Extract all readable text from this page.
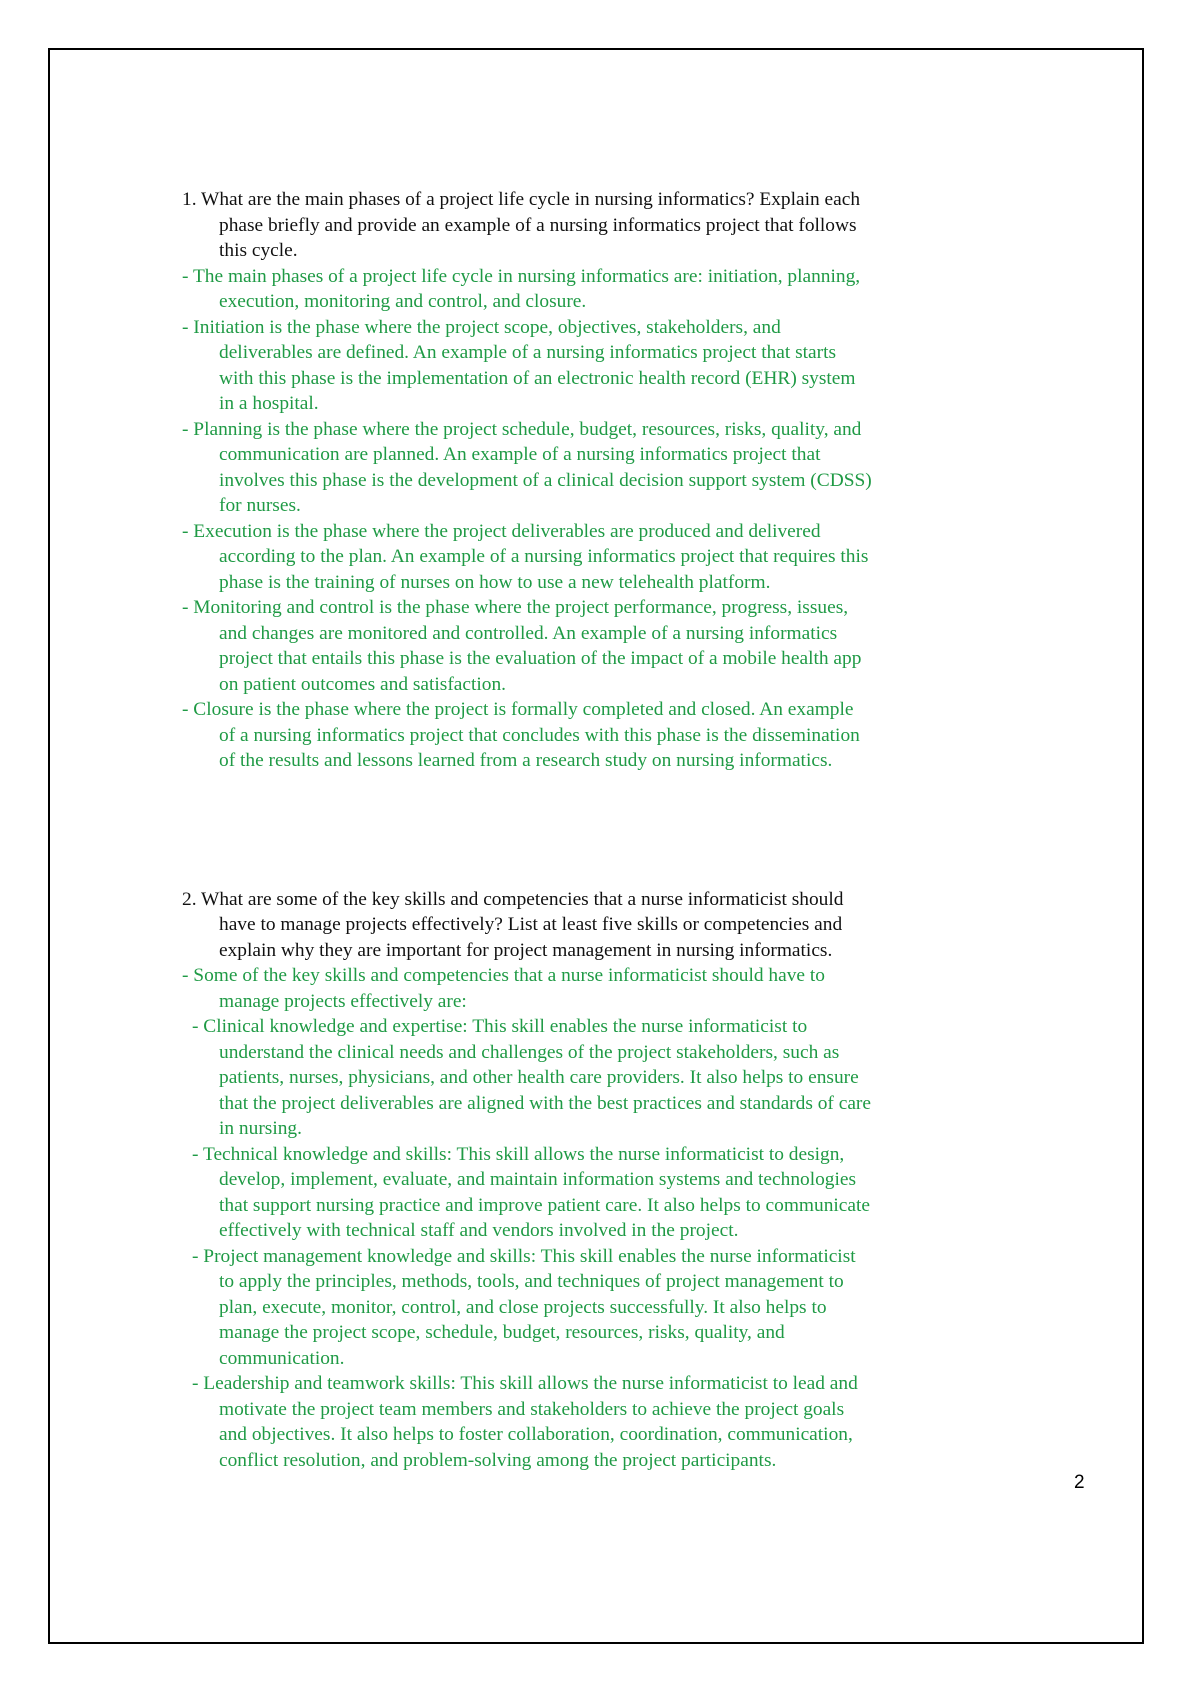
1. What are the main phases of a project life cycle in nursing informatics? Explain each

phase briefly and provide an example of a nursing informatics project that follows

this cycle.

- The main phases of a project life cycle in nursing informatics are: initiation, planning,

execution, monitoring and control, and closure.

- Initiation is the phase where the project scope, objectives, stakeholders, and

deliverables are defined. An example of a nursing informatics project that starts

with this phase is the implementation of an electronic health record (EHR) system

in a hospital.

- Planning is the phase where the project schedule, budget, resources, risks, quality, and

communication are planned. An example of a nursing informatics project that

involves this phase is the development of a clinical decision support system (CDSS)

for nurses.

- Execution is the phase where the project deliverables are produced and delivered

according to the plan. An example of a nursing informatics project that requires this

phase is the training of nurses on how to use a new telehealth platform.

- Monitoring and control is the phase where the project performance, progress, issues,

and changes are monitored and controlled. An example of a nursing informatics

project that entails this phase is the evaluation of the impact of a mobile health app

on patient outcomes and satisfaction.

- Closure is the phase where the project is formally completed and closed. An example

of a nursing informatics project that concludes with this phase is the dissemination

of the results and lessons learned from a research study on nursing informatics.

2. What are some of the key skills and competencies that a nurse informaticist should

have to manage projects effectively? List at least five skills or competencies and

explain why they are important for project management in nursing informatics.

- Some of the key skills and competencies that a nurse informaticist should have to

manage projects effectively are:

- Clinical knowledge and expertise: This skill enables the nurse informaticist to

understand the clinical needs and challenges of the project stakeholders, such as

patients, nurses, physicians, and other health care providers. It also helps to ensure

that the project deliverables are aligned with the best practices and standards of care

in nursing.

- Technical knowledge and skills: This skill allows the nurse informaticist to design,

develop, implement, evaluate, and maintain information systems and technologies

that support nursing practice and improve patient care. It also helps to communicate

effectively with technical staff and vendors involved in the project.

- Project management knowledge and skills: This skill enables the nurse informaticist

to apply the principles, methods, tools, and techniques of project management to

plan, execute, monitor, control, and close projects successfully. It also helps to

manage the project scope, schedule, budget, resources, risks, quality, and

communication.

- Leadership and teamwork skills: This skill allows the nurse informaticist to lead and

motivate the project team members and stakeholders to achieve the project goals

and objectives. It also helps to foster collaboration, coordination, communication,

conflict resolution, and problem-solving among the project participants.

2
